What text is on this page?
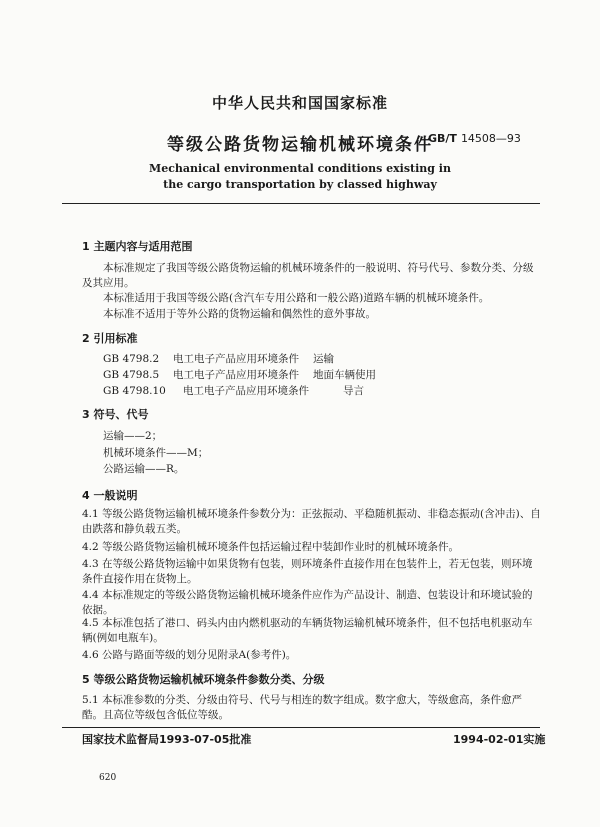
中华人民共和国国家标准
等级公路货物运输机械环境条件
GB/T 14508—93
Mechanical environmental conditions existing in
the cargo transportation by classed highway
1 主题内容与适用范围
本标准规定了我国等级公路货物运输的机械环境条件的一般说明、符号代号、参数分类、分级及其应用。
本标准适用于我国等级公路(含汽车专用公路和一般公路)道路车辆的机械环境条件。
本标准不适用于等外公路的货物运输和偶然性的意外事故。
2 引用标准
GB 4798.2 电工电子产品应用环境条件 运输
GB 4798.5 电工电子产品应用环境条件 地面车辆使用
GB 4798.10 电工电子产品应用环境条件	导言
3 符号、代号
运输——2；
机械环境条件——M；
公路运输——R。
4 一般说明
4.1 等级公路货物运输机械环境条件参数分为：正弦振动、平稳随机振动、非稳态振动(含冲击)、自由跌落和静负载五类。
4.2 等级公路货物运输机械环境条件包括运输过程中装卸作业时的机械环境条件。
4.3 在等级公路货物运输中如果货物有包装，则环境条件直接作用在包装件上，若无包装，则环境条件直接作用在货物上。
4.4 本标准规定的等级公路货物运输机械环境条件应作为产品设计、制造、包装设计和环境试验的依据。
4.5 本标准包括了港口、码头内由内燃机驱动的车辆货物运输机械环境条件，但不包括电机驱动车辆(例如电瓶车)。
4.6 公路与路面等级的划分见附录A(参考件)。
5 等级公路货物运输机械环境条件参数分类、分级
5.1 本标准参数的分类、分级由符号、代号与相连的数字组成。数字愈大，等级愈高，条件愈严酷。且高位等级包含低位等级。
国家技术监督局1993-07-05批准	1994-02-01实施
620
